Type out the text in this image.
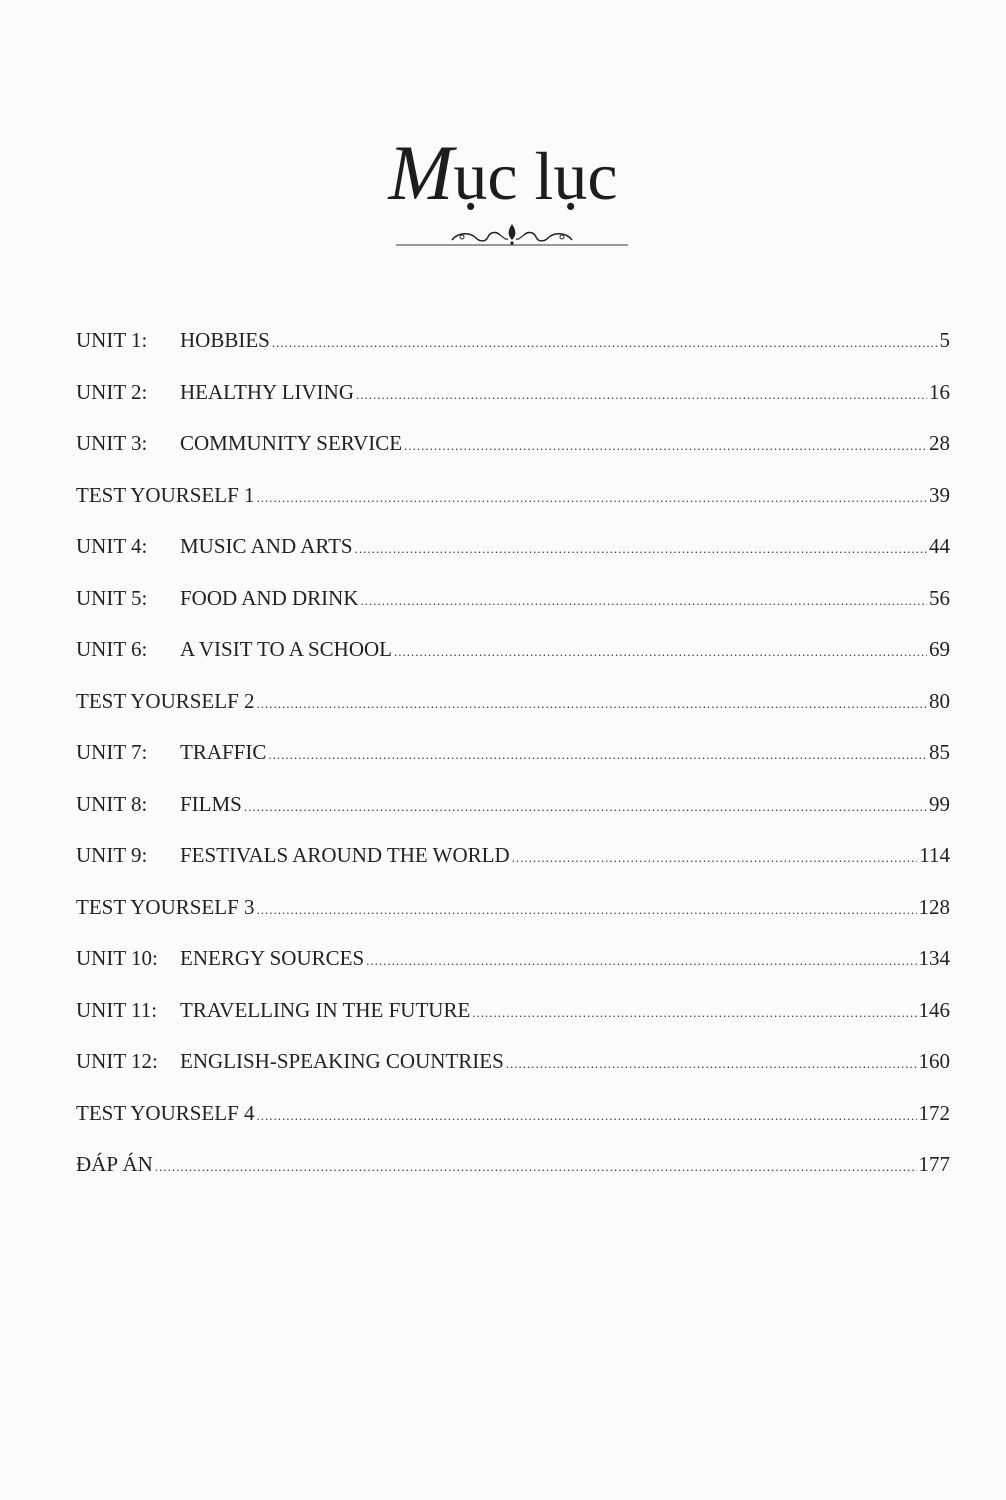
Mục lục
UNIT 1:	HOBBIES .....	5
UNIT 2:	HEALTHY LIVING .....	16
UNIT 3:	COMMUNITY SERVICE .....	28
TEST YOURSELF 1 .....	39
UNIT 4:	MUSIC AND ARTS .....	44
UNIT 5:	FOOD AND DRINK .....	56
UNIT 6:	A VISIT TO A SCHOOL .....	69
TEST YOURSELF 2 .....	80
UNIT 7:	TRAFFIC .....	85
UNIT 8:	FILMS .....	99
UNIT 9:	FESTIVALS AROUND THE WORLD .....	114
TEST YOURSELF 3 .....	128
UNIT 10:	ENERGY SOURCES .....	134
UNIT 11:	TRAVELLING IN THE FUTURE .....	146
UNIT 12:	ENGLISH-SPEAKING COUNTRIES .....	160
TEST YOURSELF 4 .....	172
ĐÁP ÁN .....	177
